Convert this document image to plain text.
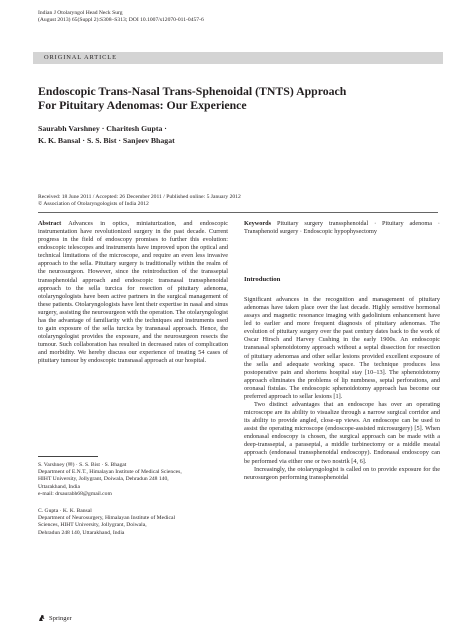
Indian J Otolaryngol Head Neck Surg
(August 2013) 65(Suppl 2):S308–S313; DOI 10.1007/s12070-011-0457-6
ORIGINAL ARTICLE
Endoscopic Trans-Nasal Trans-Sphenoidal (TNTS) Approach
For Pituitary Adenomas: Our Experience
Saurabh Varshney · Charitesh Gupta ·
K. K. Bansal · S. S. Bist · Sanjeev Bhagat
Received: 18 June 2011 / Accepted: 26 December 2011 / Published online: 5 January 2012
© Association of Otolaryngologists of India 2012

Abstract Advances in optics, miniaturization, and endoscopic instrumentation have revolutionized surgery in the past decade. Current progress in the field of endoscopy promises to further this evolution: endoscopic telescopes and instruments have improved upon the optical and technical limitations of the microscope, and require an even less invasive approach to the sella. Pituitary surgery is traditionally within the realm of the neurosurgeon. However, since the reintroduction of the transseptal transsphenoidal approach and endoscopic transnasal transsphenoidal approach to the sella turcica for resection of pituitary adenoma, otolaryngologists have been active partners in the surgical management of these patients. Otolaryngologists have lent their expertise in nasal and sinus surgery, assisting the neurosurgeon with the operation. The otolaryngologist has the advantage of familiarity with the techniques and instruments used to gain exposure of the sella turcica by transnasal approach. Hence, the otolaryngologist provides the exposure, and the neurosurgeon resects the tumour. Such collaboration has resulted in decreased rates of complication and morbidity. We hereby discuss our experience of treating 54 cases of pituitary tumour by endoscopic transnasal approach at our hospital.

Keywords Pituitary surgery transsphenoidal · Pituitary adenoma · Transphenoid surgery · Endoscopic hypophysectomy

Introduction

Significant advances in the recognition and management of pituitary adenomas have taken place over the last decade. Highly sensitive hormonal assays and magnetic resonance imaging with gadolinium enhancement have led to earlier and more frequent diagnosis of pituitary adenomas. The evolution of pituitary surgery over the past century dates back to the work of Oscar Hirsch and Harvey Cushing in the early 1900s. An endoscopic transnasal sphenoidotomy approach without a septal dissection for resection of pituitary adenomas and other sellar lesions provided excellent exposure of the sella and adequate working space. The technique produces less postoperative pain and shortens hospital stay [10–13]. The sphenoidotomy approach eliminates the problems of lip numbness, septal perforations, and oronasal fistulas. The endoscopic sphenoidotomy approach has become our preferred approach to sellar lesions [1].

Two distinct advantages that an endoscope has over an operating microscope are its ability to visualize through a narrow surgical corridor and its ability to provide angled, close-up views. An endoscope can be used to assist the operating microscope (endoscope-assisted microsurgery) [5]. When endonasal endoscopy is chosen, the surgical approach can be made with a deep-transseptal, a paraseptal, a middle turbinectomy or a middle meatal approach (endonasal transsphenoidal endoscopy). Endonasal endoscopy can be performed via either one or two nostrik [4, 6].

Increasingly, the otolaryngologist is called on to provide exposure for the neurosurgeon performing transsphenoidal

S. Varshney (✉) · S. S. Bist · S. Bhagat
Department of E.N.T., Himalayan Institute of Medical Sciences,
HIHT University, Jollygrant, Doiwala, Dehradun 248 140,
Uttarakhand, India
e-mail: drsaurabh68@gmail.com
C. Gupta · K. K. Bansal
Department of Neurosurgery, Himalayan Institute of Medical
Sciences, HIHT University, Jollygrant, Doiwala,
Dehradun 248 140, Uttarakhand, India
Springer
